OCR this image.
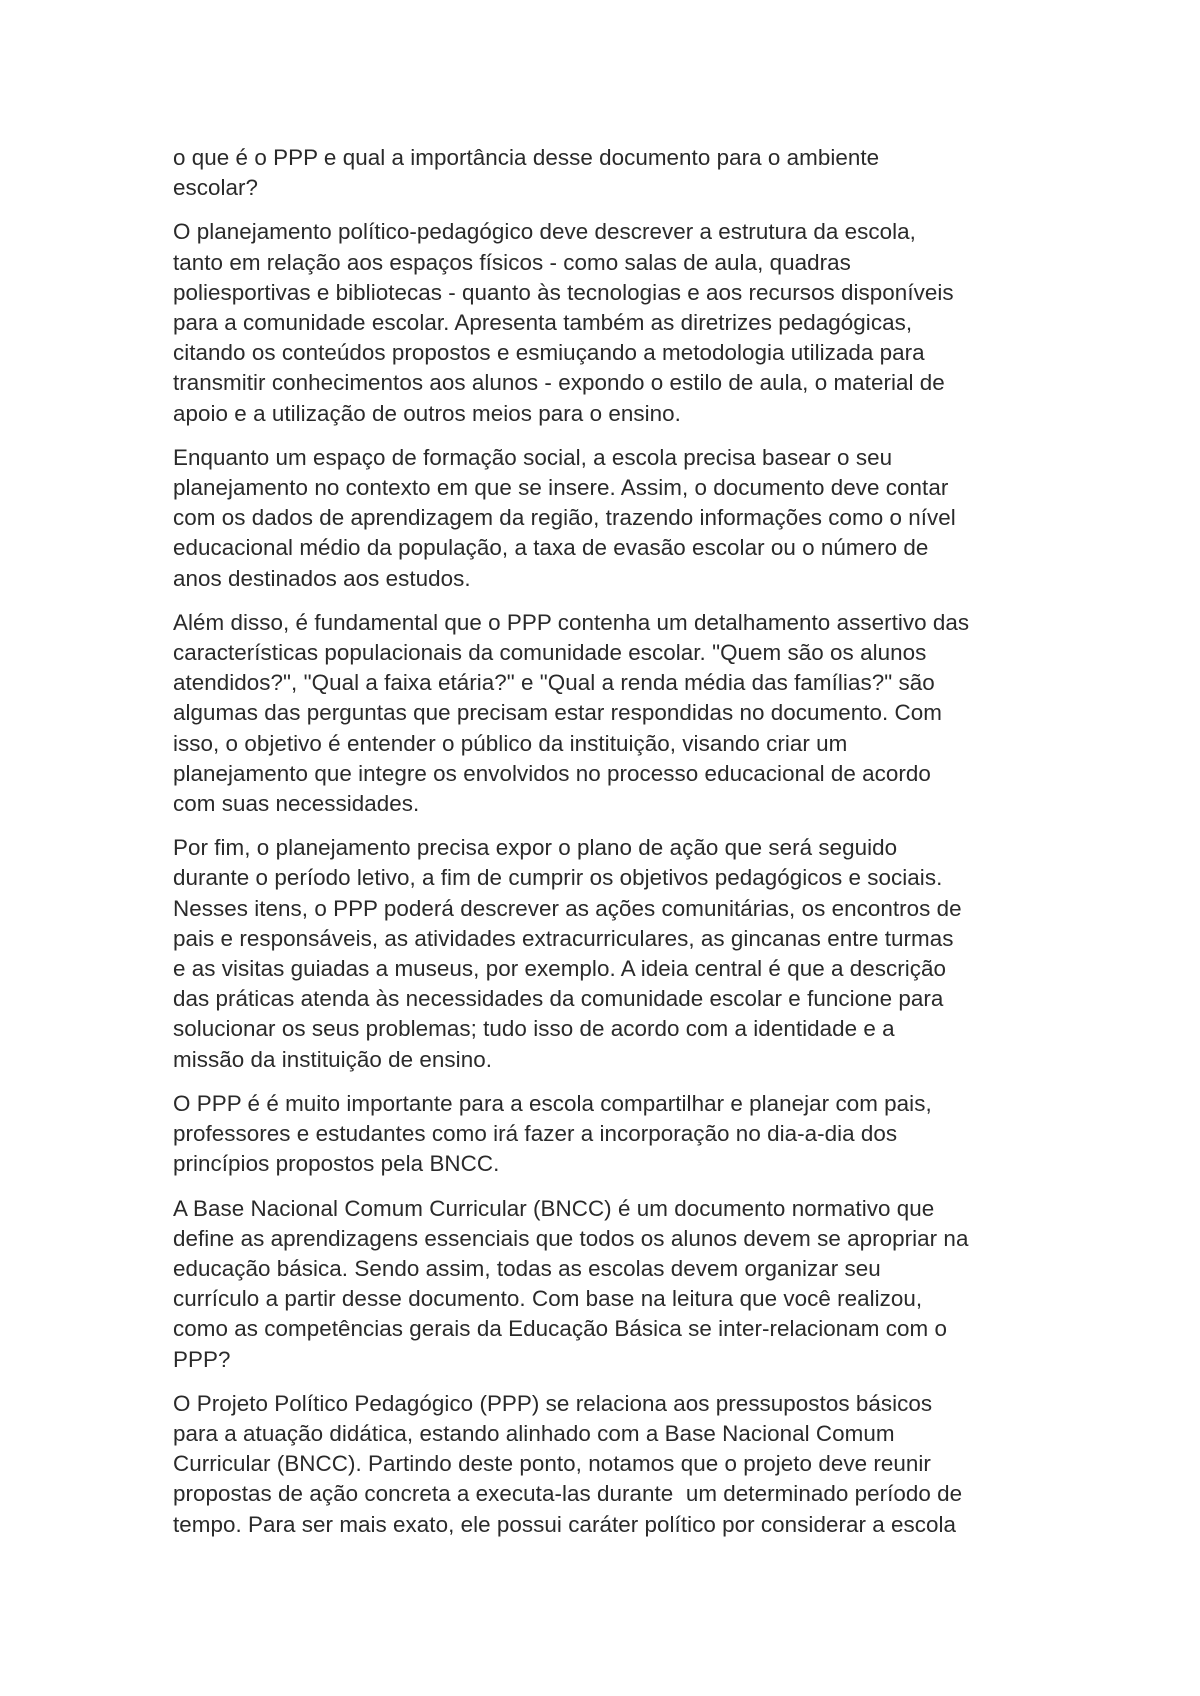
o que é o PPP e qual a importância desse documento para o ambiente
escolar?
O planejamento político-pedagógico deve descrever a estrutura da escola,
tanto em relação aos espaços físicos - como salas de aula, quadras
poliesportivas e bibliotecas - quanto às tecnologias e aos recursos disponíveis
para a comunidade escolar. Apresenta também as diretrizes pedagógicas,
citando os conteúdos propostos e esmiuçando a metodologia utilizada para
transmitir conhecimentos aos alunos - expondo o estilo de aula, o material de
apoio e a utilização de outros meios para o ensino.
Enquanto um espaço de formação social, a escola precisa basear o seu
planejamento no contexto em que se insere. Assim, o documento deve contar
com os dados de aprendizagem da região, trazendo informações como o nível
educacional médio da população, a taxa de evasão escolar ou o número de
anos destinados aos estudos.
Além disso, é fundamental que o PPP contenha um detalhamento assertivo das
características populacionais da comunidade escolar. "Quem são os alunos
atendidos?", "Qual a faixa etária?" e "Qual a renda média das famílias?" são
algumas das perguntas que precisam estar respondidas no documento. Com
isso, o objetivo é entender o público da instituição, visando criar um
planejamento que integre os envolvidos no processo educacional de acordo
com suas necessidades.
Por fim, o planejamento precisa expor o plano de ação que será seguido
durante o período letivo, a fim de cumprir os objetivos pedagógicos e sociais.
Nesses itens, o PPP poderá descrever as ações comunitárias, os encontros de
pais e responsáveis, as atividades extracurriculares, as gincanas entre turmas
e as visitas guiadas a museus, por exemplo. A ideia central é que a descrição
das práticas atenda às necessidades da comunidade escolar e funcione para
solucionar os seus problemas; tudo isso de acordo com a identidade e a
missão da instituição de ensino.
O PPP é é muito importante para a escola compartilhar e planejar com pais,
professores e estudantes como irá fazer a incorporação no dia-a-dia dos
princípios propostos pela BNCC.
A Base Nacional Comum Curricular (BNCC) é um documento normativo que
define as aprendizagens essenciais que todos os alunos devem se apropriar na
educação básica. Sendo assim, todas as escolas devem organizar seu
currículo a partir desse documento. Com base na leitura que você realizou,
como as competências gerais da Educação Básica se inter-relacionam com o
PPP?
O Projeto Político Pedagógico (PPP) se relaciona aos pressupostos básicos
para a atuação didática, estando alinhado com a Base Nacional Comum
Curricular (BNCC). Partindo deste ponto, notamos que o projeto deve reunir
propostas de ação concreta a executa-las durante  um determinado período de
tempo. Para ser mais exato, ele possui caráter político por considerar a escola
